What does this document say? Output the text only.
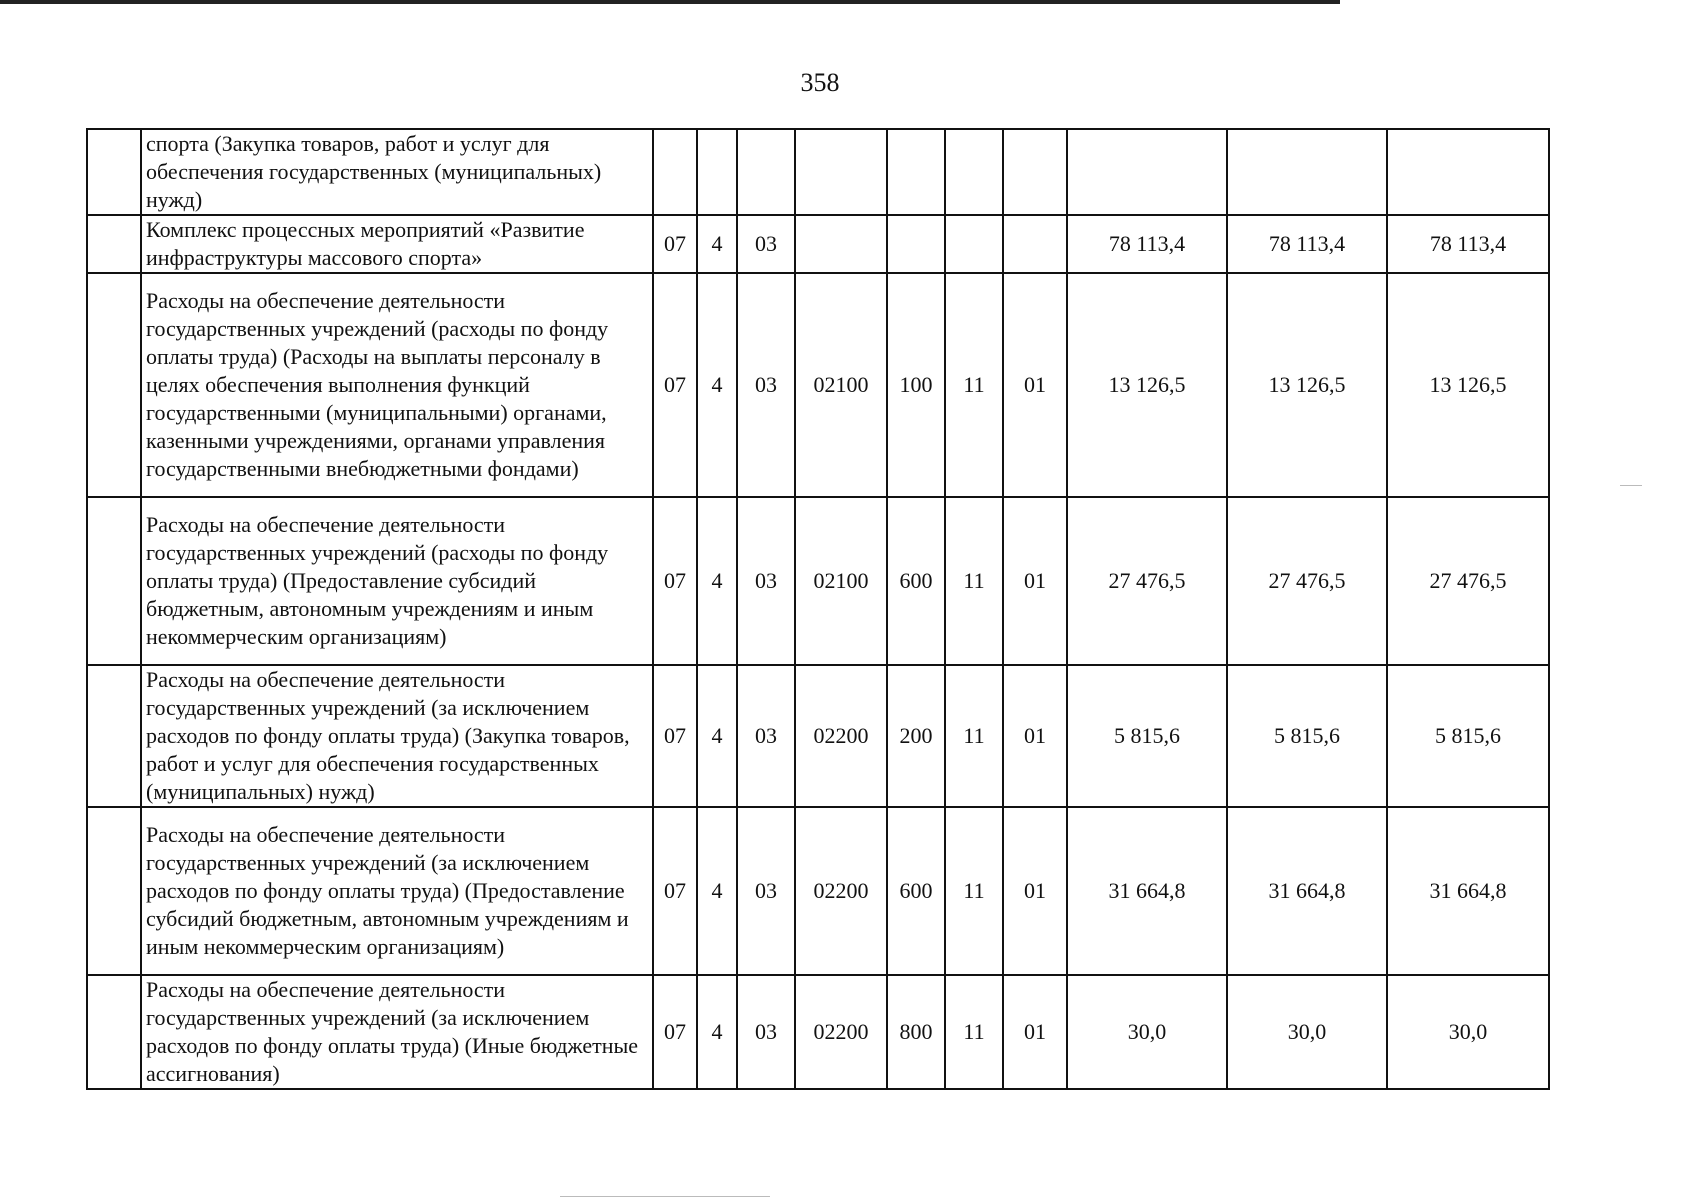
358
	спорта (Закупка товаров, работ и услуг для обеспечения государственных (муниципальных) нужд)										
	Комплекс процессных мероприятий «Развитие инфраструктуры массового спорта»	07	4	03					78 113,4	78 113,4	78 113,4
	Расходы на обеспечение деятельности государственных учреждений (расходы по фонду оплаты труда) (Расходы на выплаты персоналу в целях обеспечения выполнения функций государственными (муниципальными) органами, казенными учреждениями, органами управления государственными внебюджетными фондами)	07	4	03	02100	100	11	01	13 126,5	13 126,5	13 126,5
	Расходы на обеспечение деятельности государственных учреждений (расходы по фонду оплаты труда) (Предоставление субсидий бюджетным, автономным учреждениям и иным некоммерческим организациям)	07	4	03	02100	600	11	01	27 476,5	27 476,5	27 476,5
	Расходы на обеспечение деятельности государственных учреждений (за исключением расходов по фонду оплаты труда) (Закупка товаров, работ и услуг для обеспечения государственных (муниципальных) нужд)	07	4	03	02200	200	11	01	5 815,6	5 815,6	5 815,6
	Расходы на обеспечение деятельности государственных учреждений (за исключением расходов по фонду оплаты труда) (Предоставление субсидий бюджетным, автономным учреждениям и иным некоммерческим организациям)	07	4	03	02200	600	11	01	31 664,8	31 664,8	31 664,8
	Расходы на обеспечение деятельности государственных учреждений (за исключением расходов по фонду оплаты труда) (Иные бюджетные ассигнования)	07	4	03	02200	800	11	01	30,0	30,0	30,0
